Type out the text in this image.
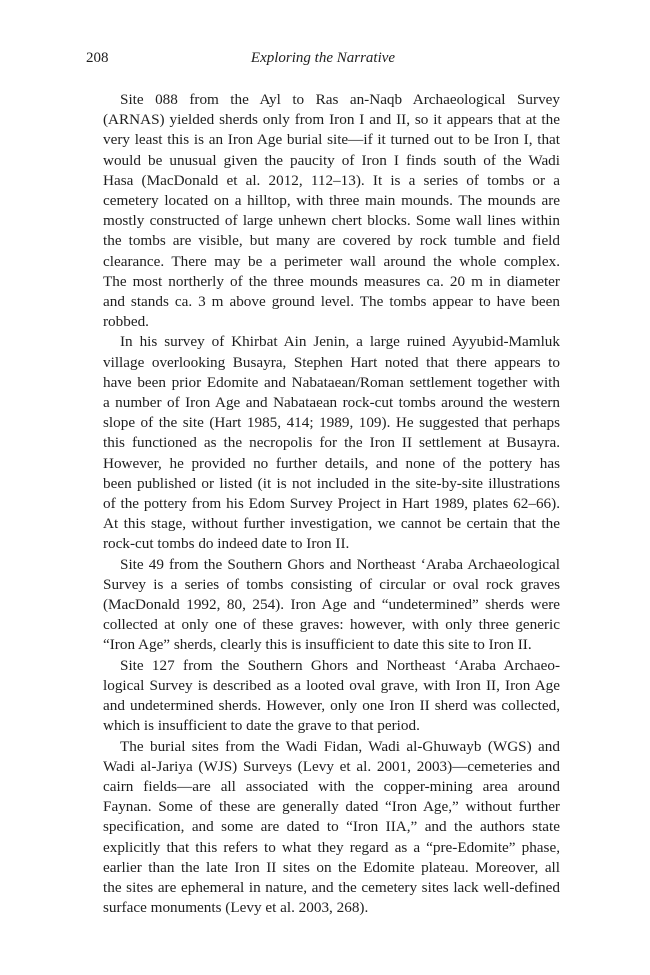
208	Exploring the Narrative

Site 088 from the Ayl to Ras an-Naqb Archaeological Survey
(ARNAS) yielded sherds only from Iron I and II, so it appears that at the
very least this is an Iron Age burial site—if it turned out to be Iron I, that
would be unusual given the paucity of Iron I finds south of the Wadi
Hasa (MacDonald et al. 2012, 112–13). It is a series of tombs or a
cemetery located on a hilltop, with three main mounds. The mounds are
mostly constructed of large unhewn chert blocks. Some wall lines within
the tombs are visible, but many are covered by rock tumble and field
clearance. There may be a perimeter wall around the whole complex.
The most northerly of the three mounds measures ca. 20 m in diameter
and stands ca. 3 m above ground level. The tombs appear to have been
robbed.

In his survey of Khirbat Ain Jenin, a large ruined Ayyubid-Mamluk
village overlooking Busayra, Stephen Hart noted that there appears to
have been prior Edomite and Nabataean/Roman settlement together with
a number of Iron Age and Nabataean rock-cut tombs around the western
slope of the site (Hart 1985, 414; 1989, 109). He suggested that perhaps
this functioned as the necropolis for the Iron II settlement at Busayra.
However, he provided no further details, and none of the pottery has
been published or listed (it is not included in the site-by-site illustrations
of the pottery from his Edom Survey Project in Hart 1989, plates 62–66).
At this stage, without further investigation, we cannot be certain that the
rock-cut tombs do indeed date to Iron II.

Site 49 from the Southern Ghors and Northeast ‘Araba Archaeological
Survey is a series of tombs consisting of circular or oval rock graves
(MacDonald 1992, 80, 254). Iron Age and “undetermined” sherds were
collected at only one of these graves: however, with only three generic
“Iron Age” sherds, clearly this is insufficient to date this site to Iron II.

Site 127 from the Southern Ghors and Northeast ‘Araba Archaeo-
logical Survey is described as a looted oval grave, with Iron II, Iron Age
and undetermined sherds. However, only one Iron II sherd was collected,
which is insufficient to date the grave to that period.

The burial sites from the Wadi Fidan, Wadi al-Ghuwayb (WGS) and
Wadi al-Jariya (WJS) Surveys (Levy et al. 2001, 2003)—cemeteries and
cairn fields—are all associated with the copper-mining area around
Faynan. Some of these are generally dated “Iron Age,” without further
specification, and some are dated to “Iron IIA,” and the authors state
explicitly that this refers to what they regard as a “pre-Edomite” phase,
earlier than the late Iron II sites on the Edomite plateau. Moreover, all
the sites are ephemeral in nature, and the cemetery sites lack well-defined
surface monuments (Levy et al. 2003, 268).
